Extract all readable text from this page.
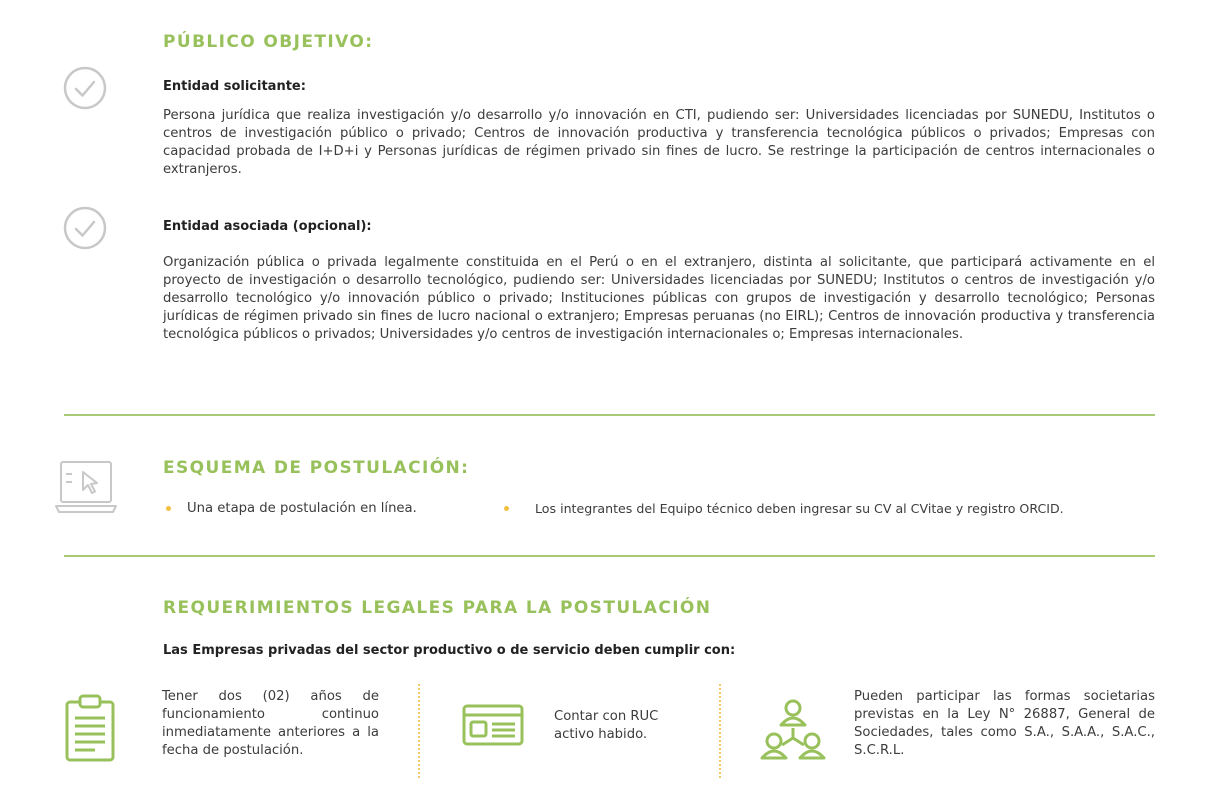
PÚBLICO OBJETIVO:
Entidad solicitante:
Persona jurídica que realiza investigación y/o desarrollo y/o innovación en CTI, pudiendo ser: Universidades licenciadas por SUNEDU, Institutos o centros de investigación público o privado; Centros de innovación productiva y transferencia tecnológica públicos o privados; Empresas con capacidad probada de I+D+i y Personas jurídicas de régimen privado sin fines de lucro. Se restringe la participación de centros internacionales o extranjeros.
Entidad asociada (opcional):
Organización pública o privada legalmente constituida en el Perú o en el extranjero, distinta al solicitante, que participará activamente en el proyecto de investigación o desarrollo tecnológico, pudiendo ser: Universidades licenciadas por SUNEDU; Institutos o centros de investigación y/o desarrollo tecnológico y/o innovación público o privado; Instituciones públicas con grupos de investigación y desarrollo tecnológico; Personas jurídicas de régimen privado sin fines de lucro nacional o extranjero; Empresas peruanas (no EIRL); Centros de innovación productiva y transferencia tecnológica públicos o privados; Universidades y/o centros de investigación internacionales o; Empresas internacionales.
ESQUEMA DE POSTULACIÓN:
Una etapa de postulación en línea.	Los integrantes del Equipo técnico deben ingresar su CV al CVitae y registro ORCID.
REQUERIMIENTOS LEGALES PARA LA POSTULACIÓN
Las Empresas privadas del sector productivo o de servicio deben cumplir con:
Tener dos (02) años de funcionamiento continuo inmediatamente anteriores a la fecha de postulación.
Contar con RUC activo habido.
Pueden participar las formas societarias previstas en la Ley N° 26887, General de Sociedades, tales como S.A., S.A.A., S.A.C., S.C.R.L.
